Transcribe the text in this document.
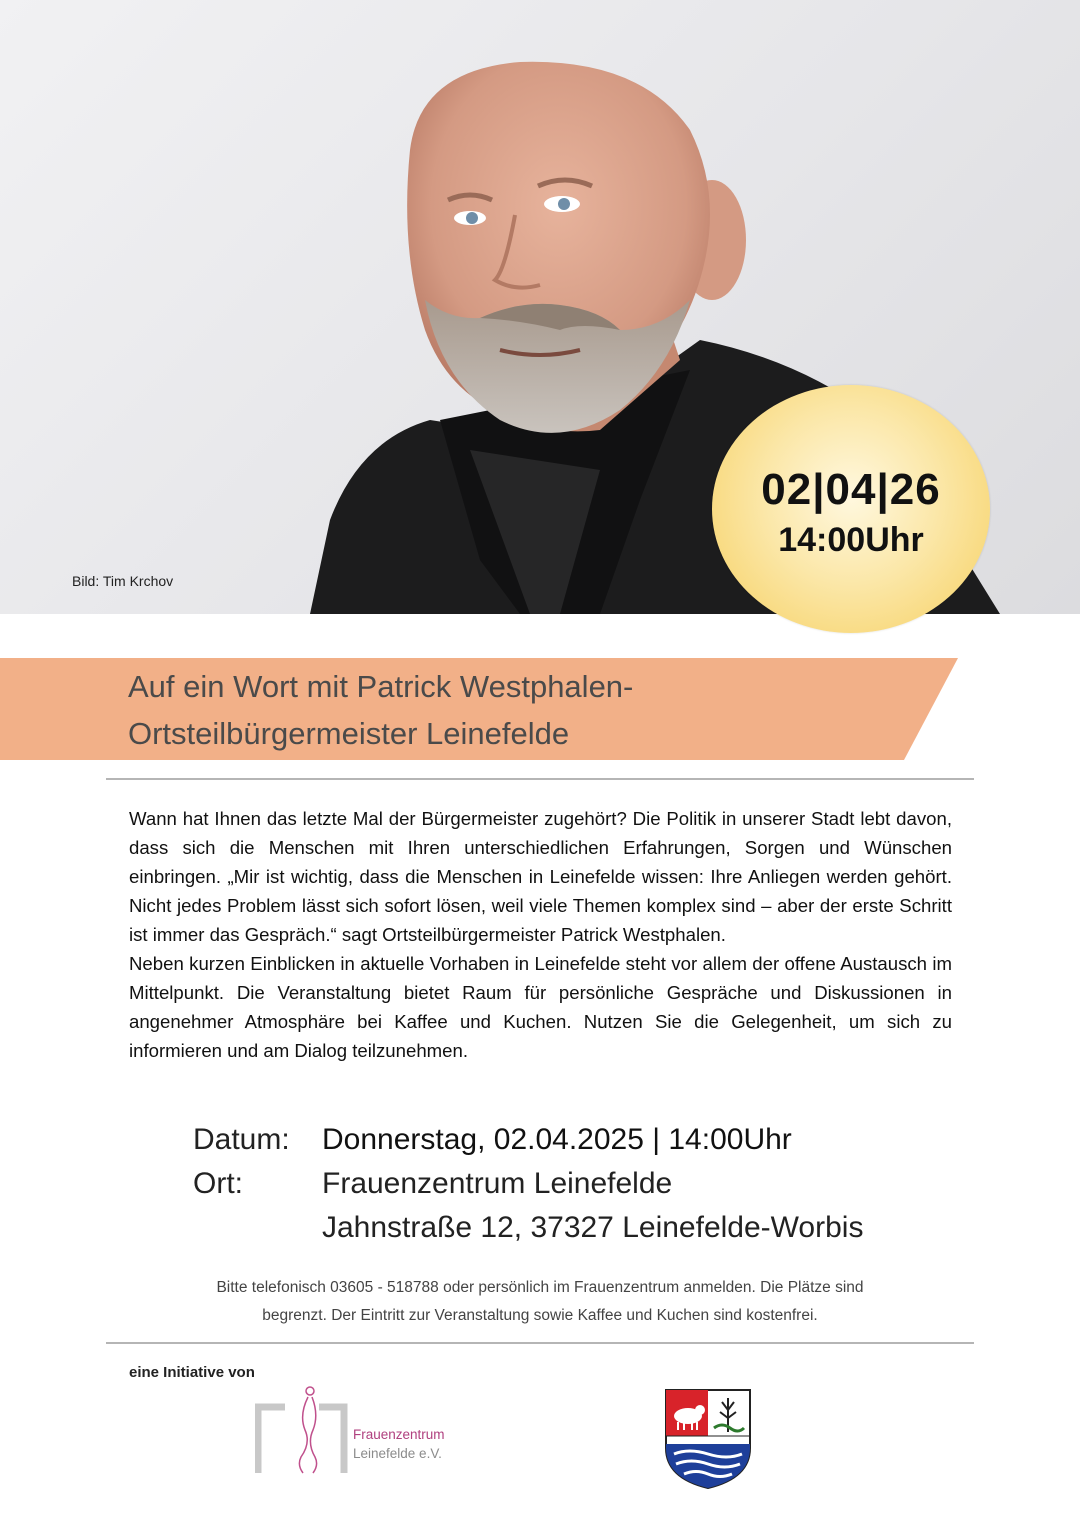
Bild: Tim Krchov
02|04|26
14:00Uhr
Auf ein Wort mit Patrick Westphalen-
Ortsteilbürgermeister Leinefelde

Wann hat Ihnen das letzte Mal der Bürgermeister zugehört? Die Politik in unserer Stadt lebt davon, dass sich die Menschen mit Ihren unterschiedlichen Erfahrungen, Sorgen und Wünschen einbringen. „Mir ist wichtig, dass die Menschen in Leinefelde wissen: Ihre Anliegen werden gehört. Nicht jedes Problem lässt sich sofort lösen, weil viele Themen komplex sind – aber der erste Schritt ist immer das Gespräch.“ sagt Ortsteilbürgermeister Patrick Westphalen.

Neben kurzen Einblicken in aktuelle Vorhaben in Leinefelde steht vor allem der offene Austausch im Mittelpunkt. Die Veranstaltung bietet Raum für persönliche Gespräche und Diskussionen in angenehmer Atmosphäre bei Kaffee und Kuchen. Nutzen Sie die Gelegenheit, um sich zu informieren und am Dialog teilzunehmen.

Datum: Donnerstag, 02.04.2025 | 14:00Uhr
Ort:	Frauenzentrum Leinefelde
Jahnstraße 12, 37327 Leinefelde-Worbis
Bitte telefonisch 03605 - 518788 oder persönlich im Frauenzentrum anmelden. Die Plätze sind
begrenzt. Der Eintritt zur Veranstaltung sowie Kaffee und Kuchen sind kostenfrei.
eine Initiative von
Frauenzentrum
Leinefelde e.V.
